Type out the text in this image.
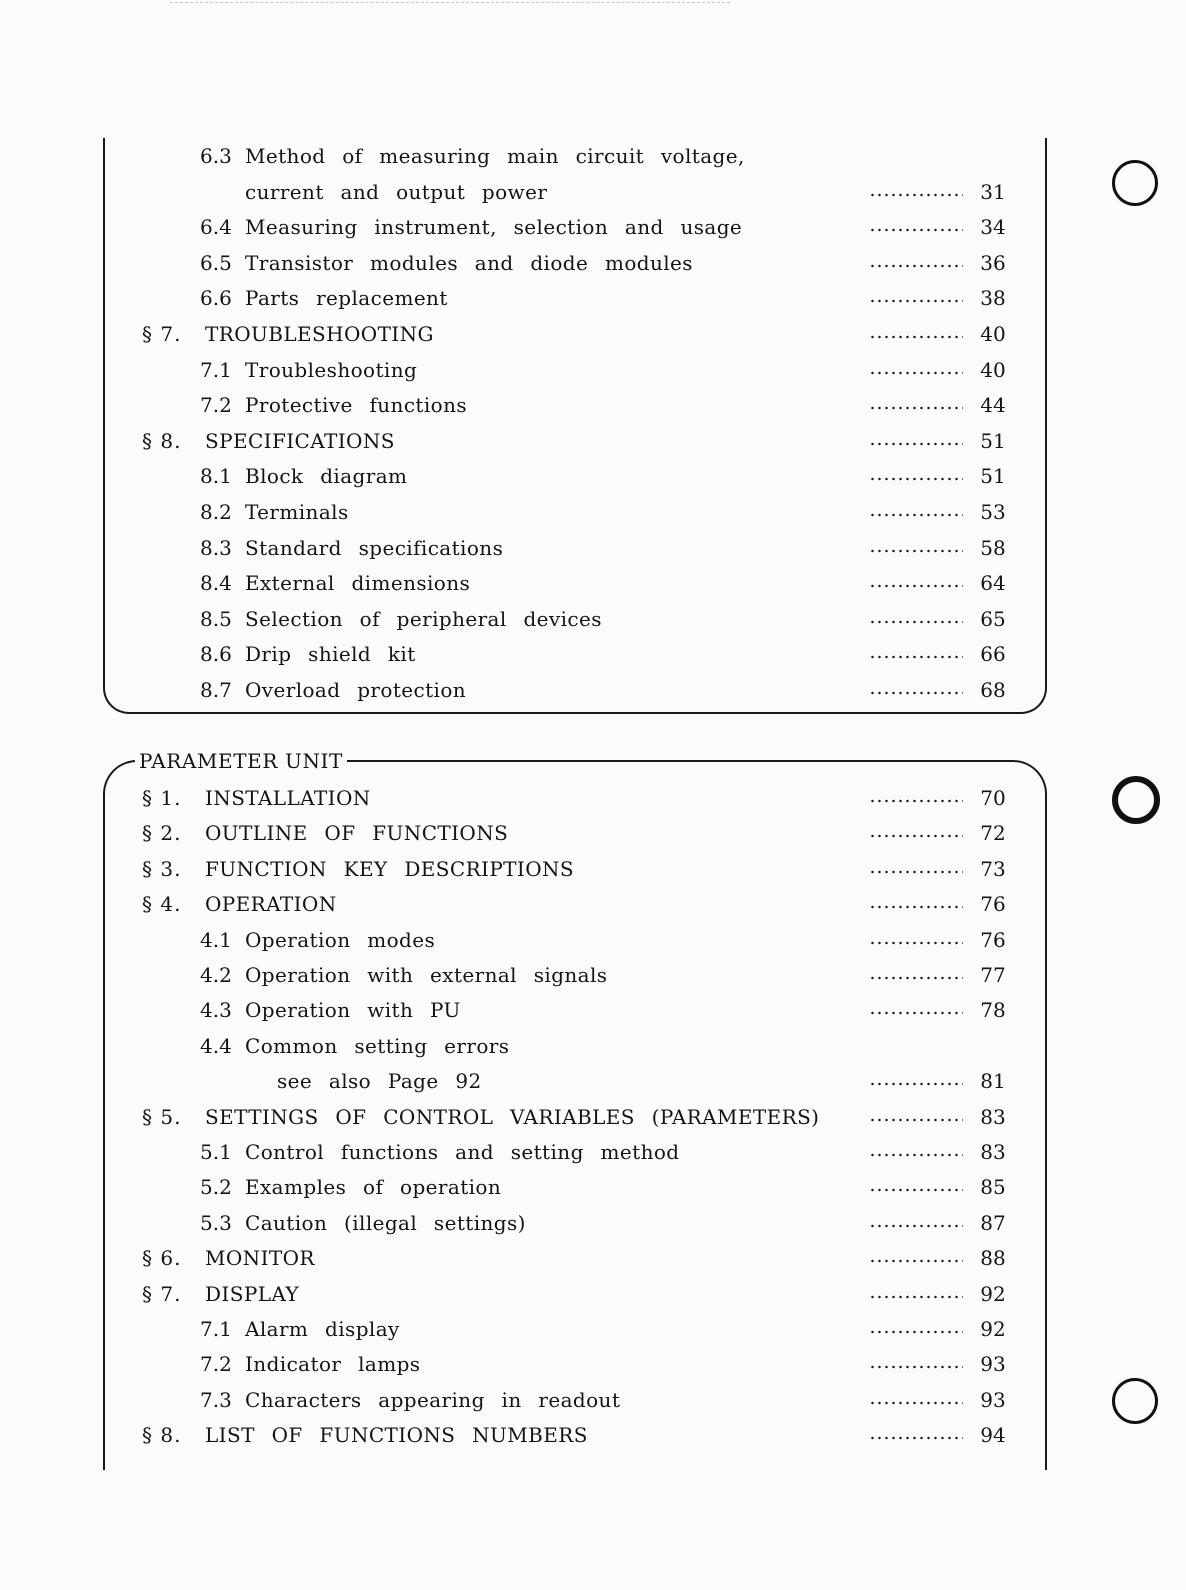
6.3 Method of measuring main circuit voltage,
current and output power	31
6.4 Measuring instrument, selection and usage	34
6.5 Transistor modules and diode modules	36
6.6 Parts replacement	38
§ 7. TROUBLESHOOTING	40
7.1 Troubleshooting	40
7.2 Protective functions	44
§ 8. SPECIFICATIONS	51
8.1 Block diagram	51
8.2 Terminals	53
8.3 Standard specifications	58
8.4 External dimensions	64
8.5 Selection of peripheral devices	65
8.6 Drip shield kit	66
8.7 Overload protection	68
PARAMETER UNIT
§ 1. INSTALLATION	70
§ 2. OUTLINE OF FUNCTIONS	72
§ 3. FUNCTION KEY DESCRIPTIONS	73
§ 4. OPERATION	76
4.1 Operation modes	76
4.2 Operation with external signals	77
4.3 Operation with PU	78
4.4 Common setting errors
see also Page 92	81
§ 5. SETTINGS OF CONTROL VARIABLES (PARAMETERS)	83
5.1 Control functions and setting method	83
5.2 Examples of operation	85
5.3 Caution (illegal settings)	87
§ 6. MONITOR	88
§ 7. DISPLAY	92
7.1 Alarm display	92
7.2 Indicator lamps	93
7.3 Characters appearing in readout	93
§ 8. LIST OF FUNCTIONS NUMBERS	94
